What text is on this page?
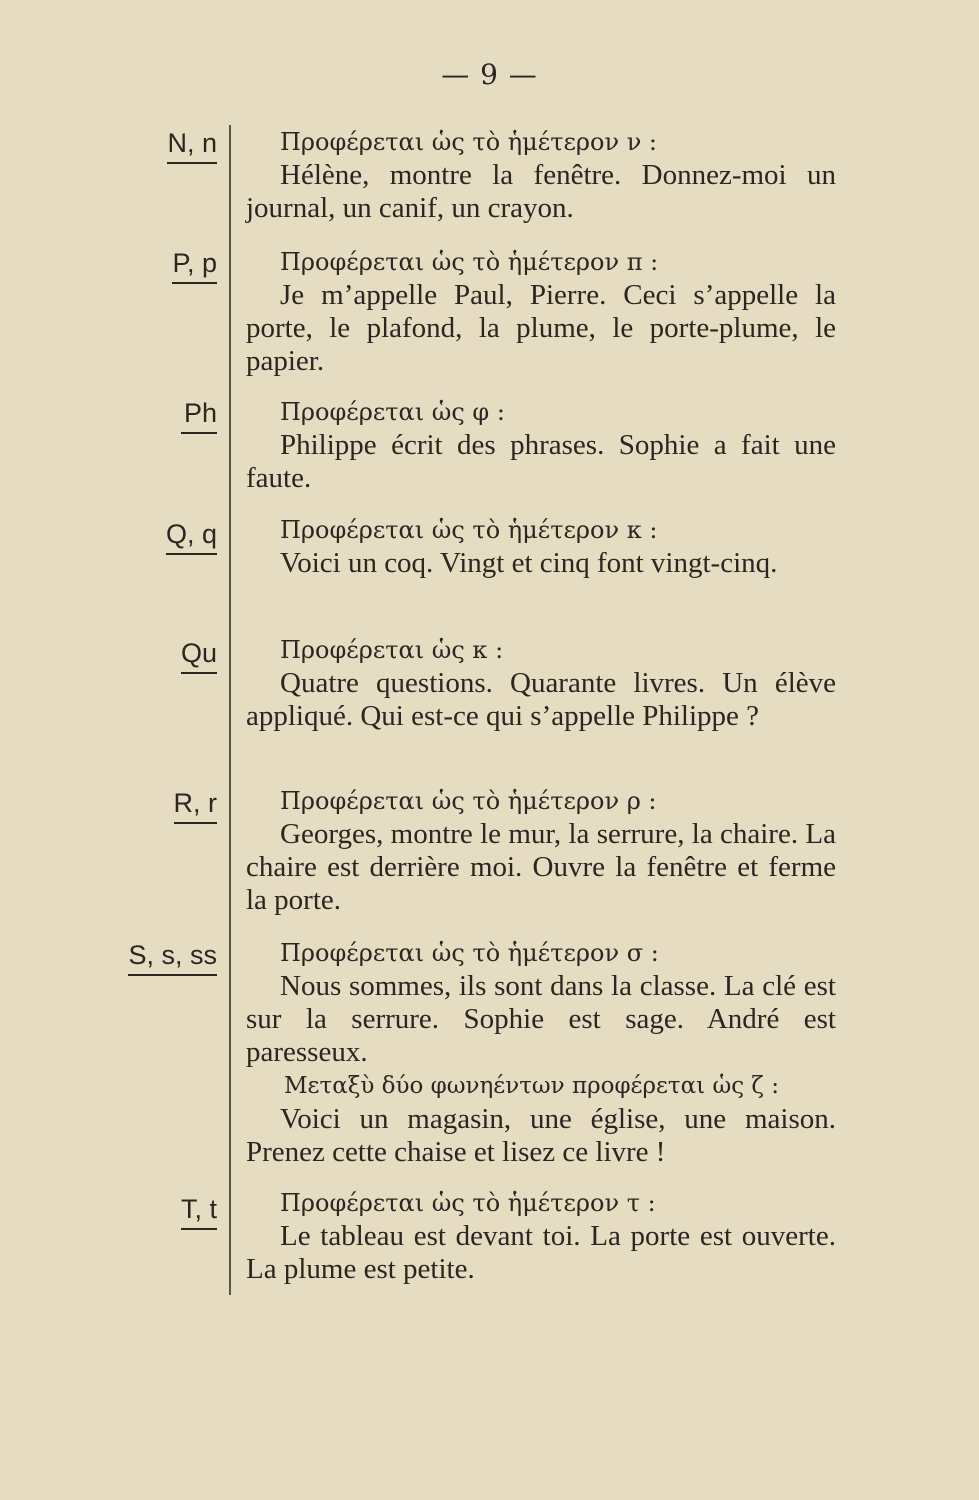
— 9 —
N, n	Προφέρεται ὡς τὸ ἡμέτερον ν :

Hélène, montre la fenêtre. Donnez-moi un journal, un canif, un crayon.

P, p	Προφέρεται ὡς τὸ ἡμέτερον π :

Je m’appelle Paul, Pierre. Ceci s’appelle la porte, le plafond, la plume, le porte-plume, le papier.

Ph	Προφέρεται ὡς φ :

Philippe écrit des phrases. Sophie a fait une faute.

Q, q	Προφέρεται ὡς τὸ ἡμέτερον κ :

Voici un coq. Vingt et cinq font vingt-cinq.

Qu	Προφέρεται ὡς κ :

Quatre questions. Quarante livres. Un élève appliqué. Qui est-ce qui s’appelle Philippe ?

R, r	Προφέρεται ὡς τὸ ἡμέτερον ρ :

Georges, montre le mur, la serrure, la chaire. La chaire est derrière moi. Ouvre la fenêtre et ferme la porte.

S, s, ss	Προφέρεται ὡς τὸ ἡμέτερον σ :

Nous sommes, ils sont dans la classe. La clé est sur la serrure. Sophie est sage. André est paresseux.

Μεταξὺ δύο φωνηέντων προφέρεται ὡς ζ :

Voici un magasin, une église, une maison. Prenez cette chaise et lisez ce livre !

T, t	Προφέρεται ὡς τὸ ἡμέτερον τ :

Le tableau est devant toi. La porte est ouverte. La plume est petite.
